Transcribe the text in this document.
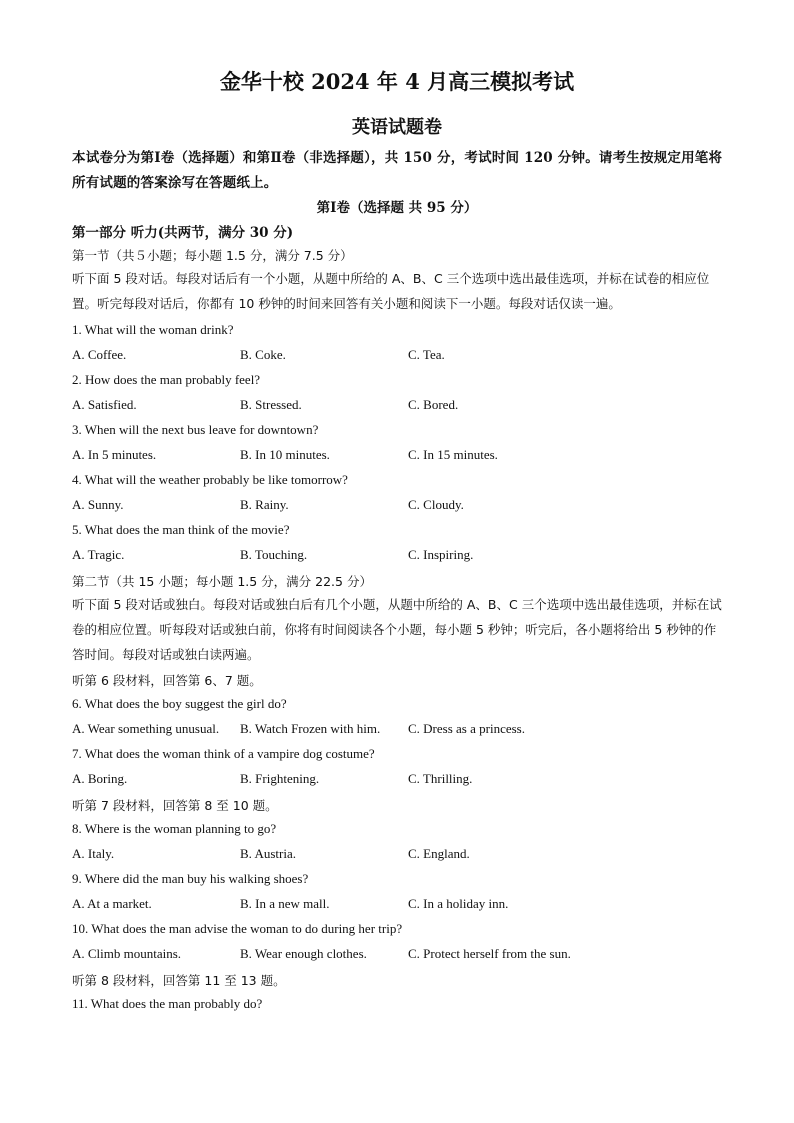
金华十校 2024 年 4 月高三模拟考试
英语试题卷
本试卷分为第Ⅰ卷（选择题）和第Ⅱ卷（非选择题），共 150 分，考试时间 120 分钟。请考生按规定用笔将所有试题的答案涂写在答题纸上。
第Ⅰ卷（选择题 共 95 分）
第一部分 听力(共两节，满分 30 分)
第一节（共５小题；每小题 1.5 分，满分 7.5 分）
听下面 5 段对话。每段对话后有一个小题，从题中所给的 A、B、C 三个选项中选出最佳选项，并标在试卷的相应位置。听完每段对话后，你都有 10 秒钟的时间来回答有关小题和阅读下一小题。每段对话仅读一遍。
1. What will the woman drink?
A. Coffee.	B. Coke.	C. Tea.
2. How does the man probably feel?
A. Satisfied.	B. Stressed.	C. Bored.
3. When will the next bus leave for downtown?
A. In 5 minutes.	B. In 10 minutes.	C. In 15 minutes.
4. What will the weather probably be like tomorrow?
A. Sunny.	B. Rainy.	C. Cloudy.
5. What does the man think of the movie?
A. Tragic.	B. Touching.	C. Inspiring.
第二节（共 15 小题；每小题 1.5 分，满分 22.5 分）
听下面 5 段对话或独白。每段对话或独白后有几个小题，从题中所给的 A、B、C 三个选项中选出最佳选项，并标在试卷的相应位置。听每段对话或独白前，你将有时间阅读各个小题，每小题 5 秒钟；听完后，各小题将给出 5 秒钟的作答时间。每段对话或独白读两遍。
听第 6 段材料，回答第 6、7 题。
6. What does the boy suggest the girl do?
A. Wear something unusual. B. Watch Frozen with him. C. Dress as a princess.
7. What does the woman think of a vampire dog costume?
A. Boring.	B. Frightening.	C. Thrilling.
听第 7 段材料，回答第 8 至 10 题。
8. Where is the woman planning to go?
A. Italy.	B. Austria.	C. England.
9. Where did the man buy his walking shoes?
A. At a market.	B. In a new mall.	C. In a holiday inn.
10. What does the man advise the woman to do during her trip?
A. Climb mountains.	B. Wear enough clothes.	C. Protect herself from the sun.
听第 8 段材料，回答第 11 至 13 题。
11. What does the man probably do?
